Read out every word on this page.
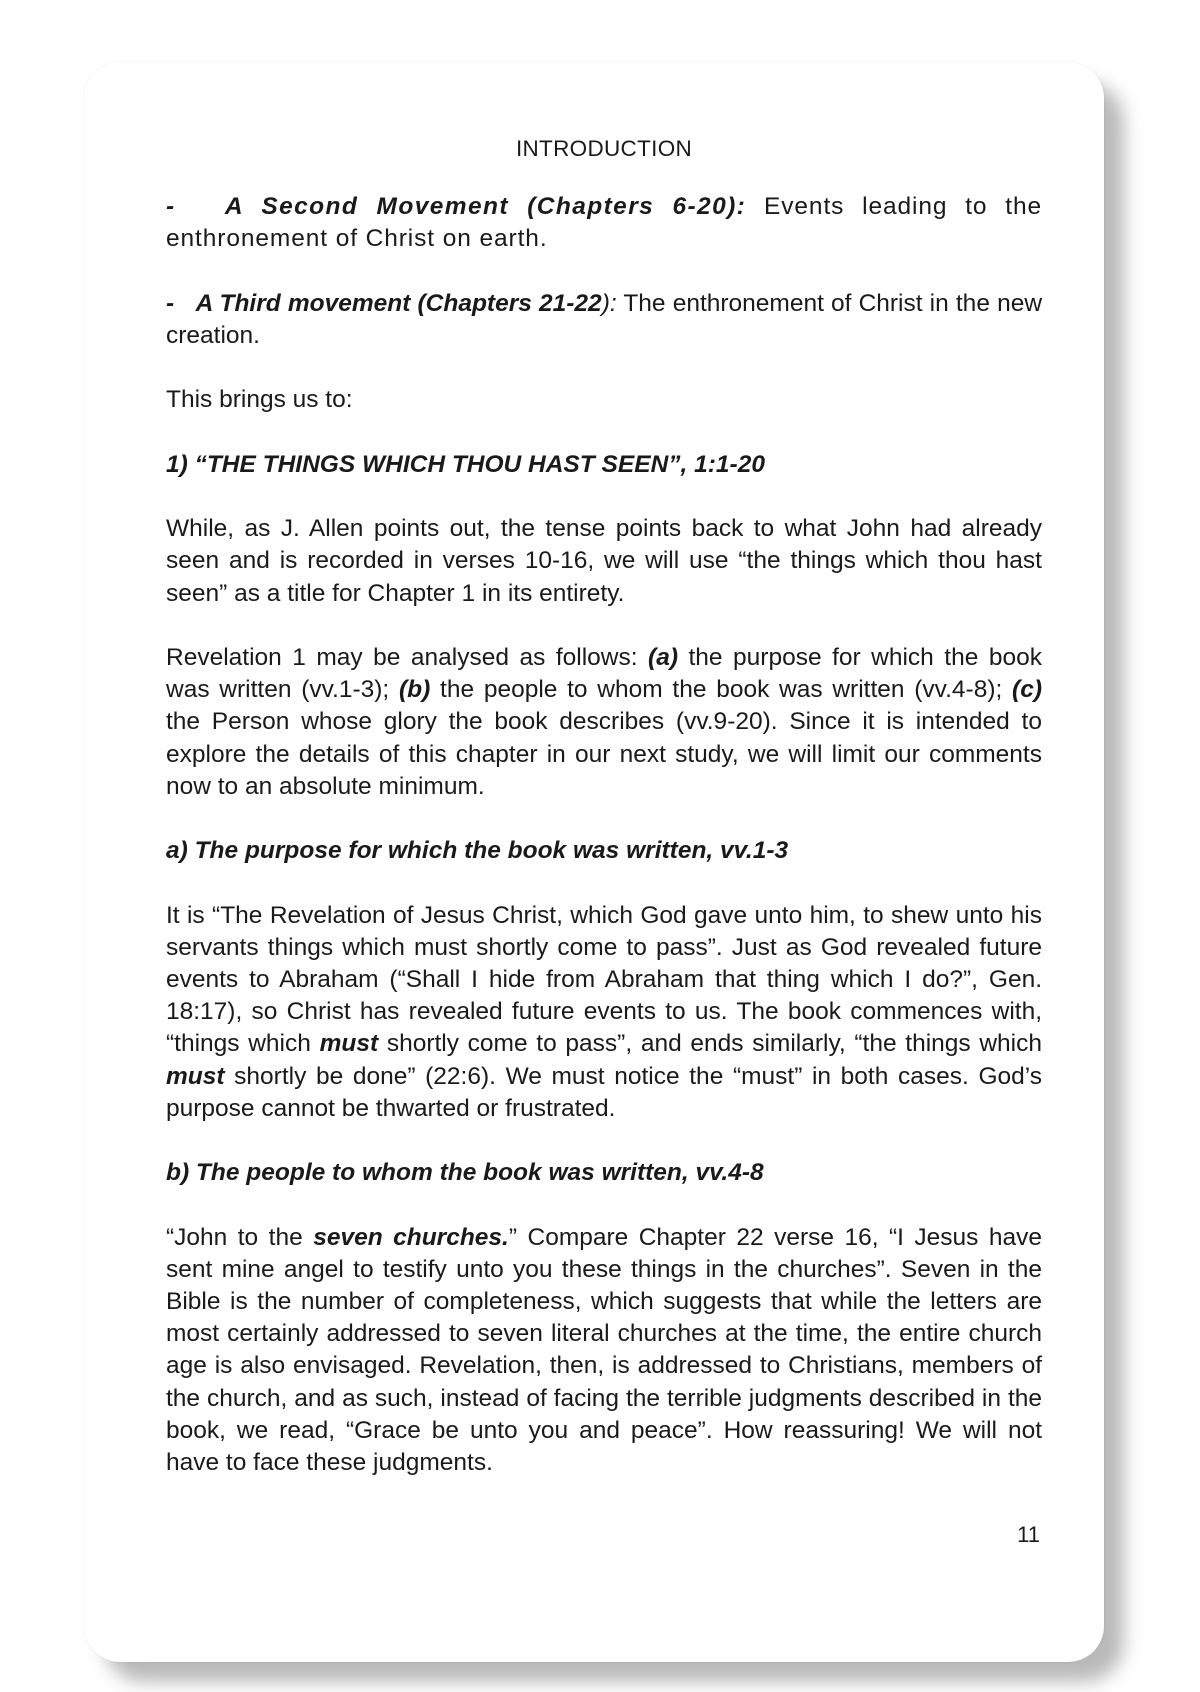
INTRODUCTION

- A Second Movement (Chapters 6-20): Events leading to the enthronement of Christ on earth.

- A Third movement (Chapters 21-22): The enthronement of Christ in the new creation.

This brings us to:

1) “THE THINGS WHICH THOU HAST SEEN”, 1:1-20

While, as J. Allen points out, the tense points back to what John had already seen and is recorded in verses 10-16, we will use “the things which thou hast seen” as a title for Chapter 1 in its entirety.

Revelation 1 may be analysed as follows: (a) the purpose for which the book was written (vv.1-3); (b) the people to whom the book was written (vv.4-8); (c) the Person whose glory the book describes (vv.9-20). Since it is intended to explore the details of this chapter in our next study, we will limit our comments now to an absolute minimum.

a) The purpose for which the book was written, vv.1-3

It is “The Revelation of Jesus Christ, which God gave unto him, to shew unto his servants things which must shortly come to pass”. Just as God revealed future events to Abraham (“Shall I hide from Abraham that thing which I do?”, Gen. 18:17), so Christ has revealed future events to us. The book commences with, “things which must shortly come to pass”, and ends similarly, “the things which must shortly be done” (22:6). We must notice the “must” in both cases. God’s purpose cannot be thwarted or frustrated.

b) The people to whom the book was written, vv.4-8

“John to the seven churches.” Compare Chapter 22 verse 16, “I Jesus have sent mine angel to testify unto you these things in the churches”. Seven in the Bible is the number of completeness, which suggests that while the letters are most certainly addressed to seven literal churches at the time, the entire church age is also envisaged. Revelation, then, is addressed to Christians, members of the church, and as such, instead of facing the terrible judgments described in the book, we read, “Grace be unto you and peace”. How reassuring! We will not have to face these judgments.

11
